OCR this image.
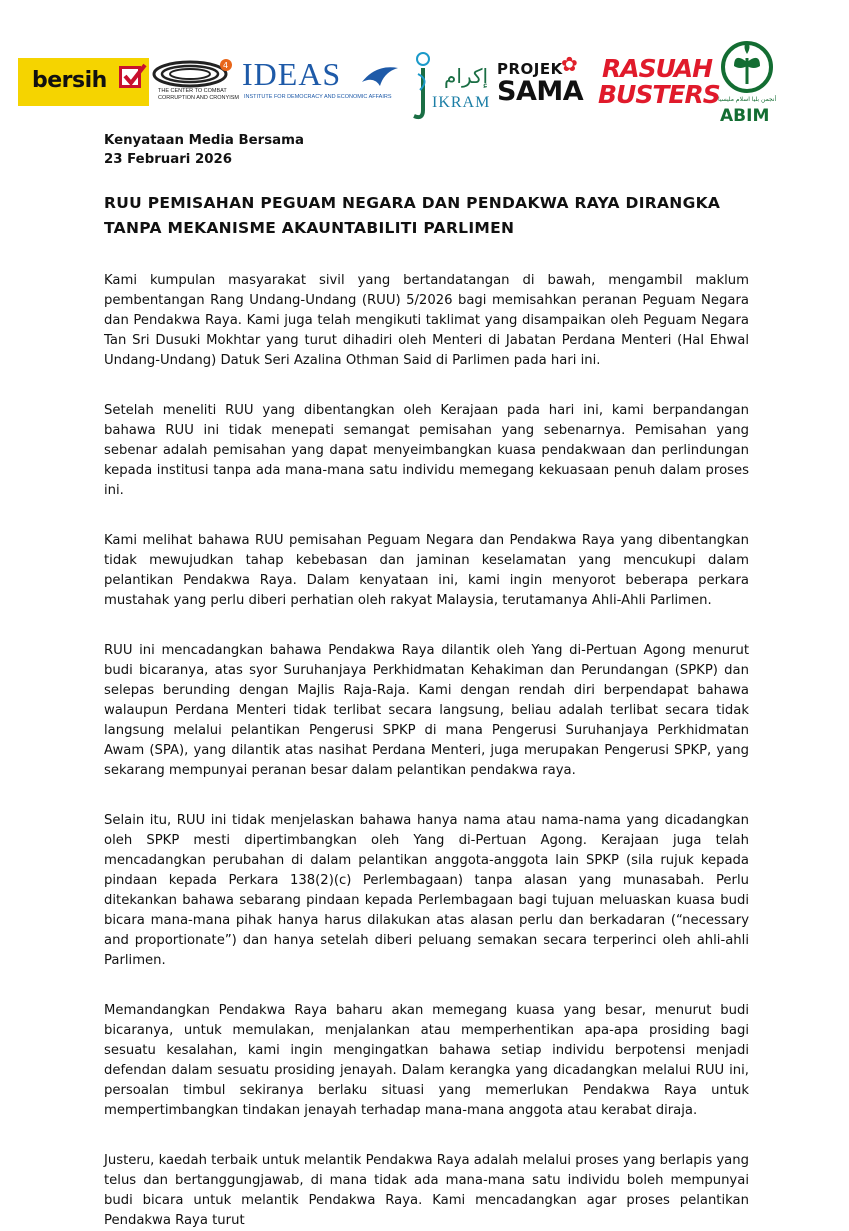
bersih
4
THE CENTER TO COMBAT
CORRUPTION AND CRONYISM
IDEAS
INSTITUTE FOR DEMOCRACY AND ECONOMIC AFFAIRS
إكرام
IKRAM
PROJEK
✿
SAMA
RASUAH
BUSTERS
أنجمن بليا اسلام مليسيا
ABIM

Kenyataan Media Bersama

23 Februari 2026

RUU PEMISAHAN PEGUAM NEGARA DAN PENDAKWA RAYA DIRANGKA
TANPA MEKANISME AKAUNTABILITI PARLIMEN

Kami kumpulan masyarakat sivil yang bertandatangan di bawah, mengambil maklum pembentangan Rang Undang-Undang (RUU) 5/2026 bagi memisahkan peranan Peguam Negara dan Pendakwa Raya. Kami juga telah mengikuti taklimat yang disampaikan oleh Peguam Negara Tan Sri Dusuki Mokhtar yang turut dihadiri oleh Menteri di Jabatan Perdana Menteri (Hal Ehwal Undang-Undang) Datuk Seri Azalina Othman Said di Parlimen pada hari ini.

Setelah meneliti RUU yang dibentangkan oleh Kerajaan pada hari ini, kami berpandangan bahawa RUU ini tidak menepati semangat pemisahan yang sebenarnya. Pemisahan yang sebenar adalah pemisahan yang dapat menyeimbangkan kuasa pendakwaan dan perlindungan kepada institusi tanpa ada mana-mana satu individu memegang kekuasaan penuh dalam proses ini.

Kami melihat bahawa RUU pemisahan Peguam Negara dan Pendakwa Raya yang dibentangkan tidak mewujudkan tahap kebebasan dan jaminan keselamatan yang mencukupi dalam pelantikan Pendakwa Raya. Dalam kenyataan ini, kami ingin menyorot beberapa perkara mustahak yang perlu diberi perhatian oleh rakyat Malaysia, terutamanya Ahli-Ahli Parlimen.

RUU ini mencadangkan bahawa Pendakwa Raya dilantik oleh Yang di-Pertuan Agong menurut budi bicaranya, atas syor Suruhanjaya Perkhidmatan Kehakiman dan Perundangan (SPKP) dan selepas berunding dengan Majlis Raja-Raja. Kami dengan rendah diri berpendapat bahawa walaupun Perdana Menteri tidak terlibat secara langsung, beliau adalah terlibat secara tidak langsung melalui pelantikan Pengerusi SPKP di mana Pengerusi Suruhanjaya Perkhidmatan Awam (SPA), yang dilantik atas nasihat Perdana Menteri, juga merupakan Pengerusi SPKP, yang sekarang mempunyai peranan besar dalam pelantikan pendakwa raya.

Selain itu, RUU ini tidak menjelaskan bahawa hanya nama atau nama-nama yang dicadangkan oleh SPKP mesti dipertimbangkan oleh Yang di-Pertuan Agong. Kerajaan juga telah mencadangkan perubahan di dalam pelantikan anggota-anggota lain SPKP (sila rujuk kepada pindaan kepada Perkara 138(2)(c) Perlembagaan) tanpa alasan yang munasabah. Perlu ditekankan bahawa sebarang pindaan kepada Perlembagaan bagi tujuan meluaskan kuasa budi bicara mana-mana pihak hanya harus dilakukan atas alasan perlu dan berkadaran (“necessary and proportionate”) dan hanya setelah diberi peluang semakan secara terperinci oleh ahli-ahli Parlimen.

Memandangkan Pendakwa Raya baharu akan memegang kuasa yang besar, menurut budi bicaranya, untuk memulakan, menjalankan atau memperhentikan apa-apa prosiding bagi sesuatu kesalahan, kami ingin mengingatkan bahawa setiap individu berpotensi menjadi defendan dalam sesuatu prosiding jenayah. Dalam kerangka yang dicadangkan melalui RUU ini, persoalan timbul sekiranya berlaku situasi yang memerlukan Pendakwa Raya untuk mempertimbangkan tindakan jenayah terhadap mana-mana anggota atau kerabat diraja.

Justeru, kaedah terbaik untuk melantik Pendakwa Raya adalah melalui proses yang berlapis yang telus dan bertanggungjawab, di mana tidak ada mana-mana satu individu boleh mempunyai budi bicara untuk melantik Pendakwa Raya. Kami mencadangkan agar proses pelantikan Pendakwa Raya turut
